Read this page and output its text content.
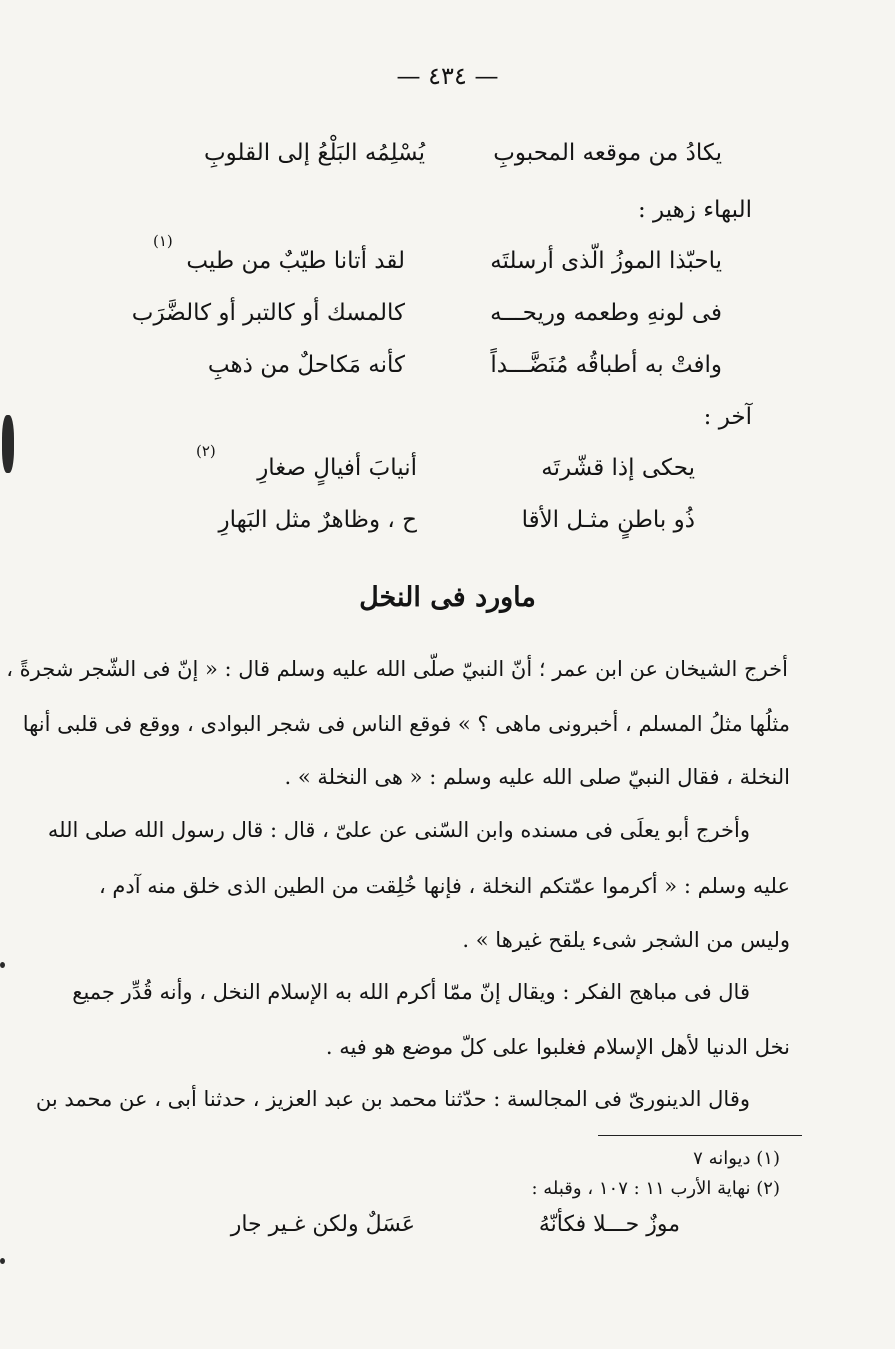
— ٤٣٤ —
يكادُ من موقعه المحبوبِ
يُسْلِمُه البَلْعُ إلى القلوبِ
البهاء زهير :
ياحبّذا الموزُ الّذى أرسلتَه
لقد أتانا طيّبٌ من طيب
(١)
فى لونهِ وطعمه وريحـــه
كالمسك أو كالتبر أو كالضَّرَب
وافتْ به أطباقُه مُنَضَّـــداً
كأنه مَكاحلٌ من ذهبِ
آخر :
يحكى إذا قشّرتَه
أنيابَ أفيالٍ صغارِ
(٢)
ذُو باطنٍ مثـل الأقا
ح ، وظاهرٌ مثل البَهارِ
ماورد فى النخل
أخرج الشيخان عن ابن عمر ؛ أنّ النبيّ صلّى الله عليه وسلم قال : « إنّ فى الشّجر شجرةً ،
مثلُها مثلُ المسلم ، أخبرونى ماهى ؟ » فوقع الناس فى شجر البوادى ، ووقع فى قلبى أنها
النخلة ، فقال النبيّ صلى الله عليه وسلم : « هى النخلة » .
وأخرج أبو يعلَى فى مسنده وابن السّنى عن علىّ ، قال : قال رسول الله صلى الله
عليه وسلم : « أكرموا عمّتكم النخلة ، فإنها خُلِقت من الطين الذى خلق منه آدم ،
وليس من الشجر شىء يلقح غيرها » .
قال فى مباهج الفكر : ويقال إنّ ممّا أكرم الله به الإسلام النخل ، وأنه قُدِّر جميع
نخل الدنيا لأهل الإسلام فغلبوا على كلّ موضع هو فيه .
وقال الدينورىّ فى المجالسة : حدّثنا محمد بن عبد العزيز ، حدثنا أبى ، عن محمد بن
(١) ديوانه ٧
(٢) نهاية الأرب ١١ : ١٠٧ ، وقبله :
موزٌ حـــلا فكأنّهُ
عَسَلٌ ولكن غـير جار
